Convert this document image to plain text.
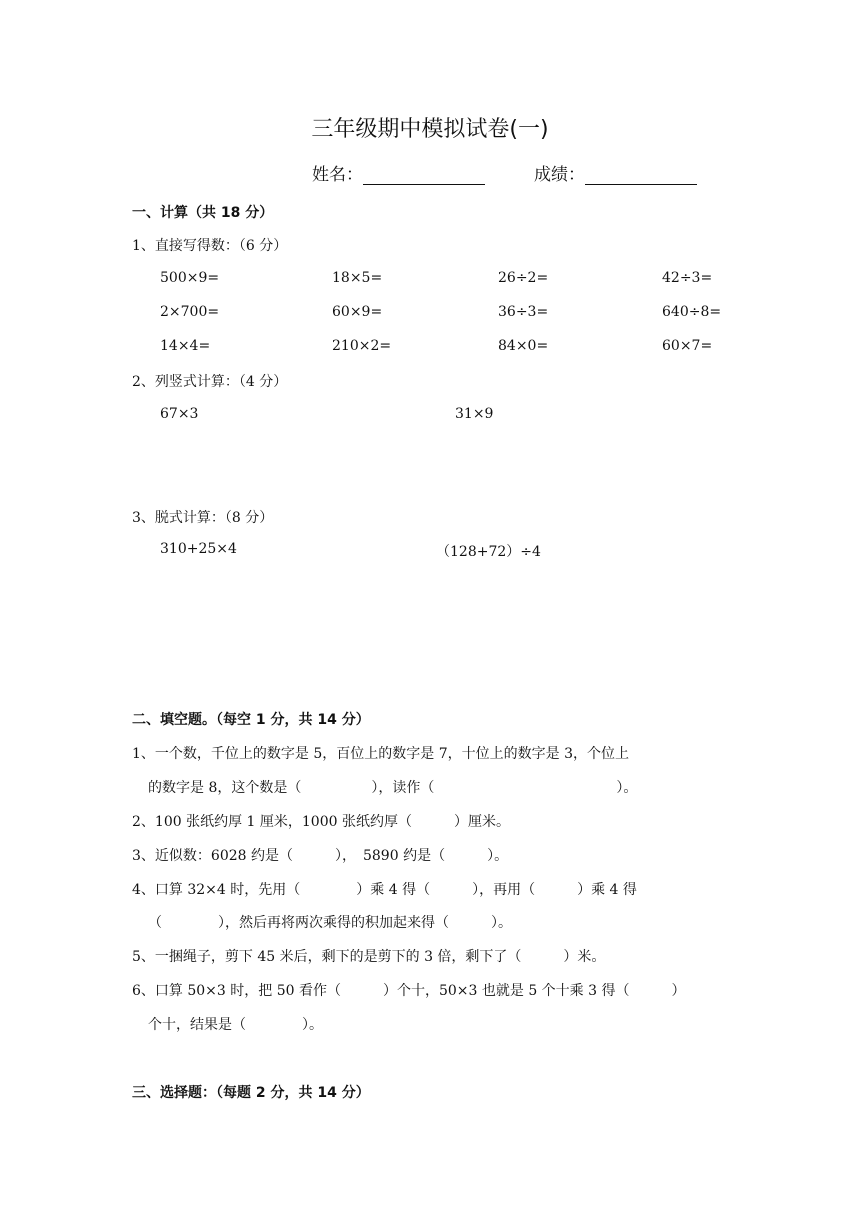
三年级期中模拟试卷(一)
姓名：	成绩：
一、计算（共 18 分）
1、直接写得数：（6 分）
500×9=	18×5=	26÷2=	42÷3=
2×700=	60×9=	36÷3=	640÷8=
14×4=	210×2=	84×0=	60×7=
2、列竖式计算：（4 分）
67×3	31×9
3、脱式计算：（8 分）
310+25×4	（128+72）÷4
二、填空题。（每空 1 分，共 14 分）
1、一个数，千位上的数字是 5，百位上的数字是 7，十位上的数字是 3，个位上
的数字是 8，这个数是（　　　　　），读作（　　　　　　　　　　　　　）。
2、100 张纸约厚 1 厘米，1000 张纸约厚（　　　）厘米。
3、近似数：6028 约是（　　　），　5890 约是（　　　）。
4、口算 32×4 时，先用（　　　　）乘 4 得（　　　），再用（　　　）乘 4 得
（　　　　），然后再将两次乘得的积加起来得（　　　）。
5、一捆绳子，剪下 45 米后，剩下的是剪下的 3 倍，剩下了（　　　）米。
6、口算 50×3 时，把 50 看作（　　　）个十，50×3 也就是 5 个十乘 3 得（　　　）
个十，结果是（　　　　）。
三、选择题：（每题 2 分，共 14 分）
